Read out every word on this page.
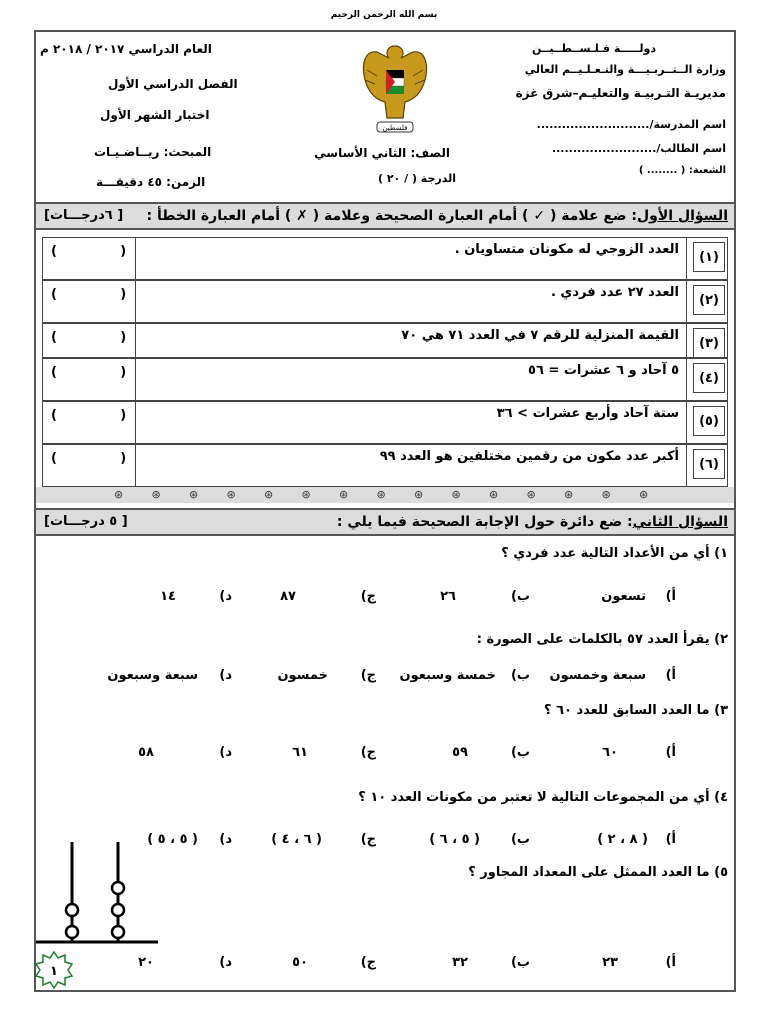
بسم الله الرحمن الرحيم
دولـــــة فـلـســطــيــن
وزارة الــتــربـيـــة والتـعـلـيــم العالي
مديريـة التـربيـة والتعليـم–شرق غزة
اسم المدرسة/...........................
اسم الطالب/.........................
الشعبة: ( ........ )
العام الدراسي ٢٠١٧ / ٢٠١٨ م
الفصل الدراسي الأول
اختبار الشهر الأول
المبحث: ريــاضـيـات
الزمن: ٤٥ دقيقـــة
فلسطين
الصف: الثاني الأساسي
الدرجة ( / ٢٠ )
السؤال الأول: ضع علامة ( ✓ ) أمام العبارة الصحيحة وعلامة ( ✗ ) أمام العبارة الخطأ :
[ ٦درجـــات]
(١)
العدد الزوجي له مكونان متساويان .
(              )
(٢)
العدد ٢٧ عدد فردي .
(              )
(٣)
القيمة المنزلية للرقم ٧ في العدد ٧١ هي ٧٠
(              )
(٤)
٥ آحاد و ٦ عشرات = ٥٦
(              )
(٥)
ستة آحاد وأربع عشرات > ٣٦
(              )
(٦)
أكبر عدد مكون من رقمين مختلفين هو العدد ٩٩
(              )
⊛	⊛	⊛	⊛	⊛	⊛	⊛	⊛	⊛	⊛	⊛	⊛	⊛	⊛	⊛
السؤال الثاني: ضع دائرة حول الإجابة الصحيحة فيما يلي :
[ ٥ درجـــات]
١) أي من الأعداد التالية عدد فردي ؟
أ)
تسعون
ب)
٢٦
ج)
٨٧
د)
١٤
٢) يقرأ العدد ٥٧ بالكلمات على الصورة :
أ)
سبعة وخمسون
ب)
خمسة وسبعون
ج)
خمسون
د)
سبعة وسبعون
٣) ما العدد السابق للعدد ٦٠ ؟
أ)
٦٠
ب)
٥٩
ج)
٦١
د)
٥٨
٤) أي من المجموعات التالية لا تعتبر من مكونات العدد ١٠ ؟
أ)
( ٨ ، ٢ )
ب)
( ٥ ، ٦ )
ج)
( ٦ ، ٤ )
د)
( ٥ ، ٥ )
٥) ما العدد الممثل على المعداد المجاور ؟
أ)
٢٣
ب)
٣٢
ج)
٥٠
د)
٢٠
١
